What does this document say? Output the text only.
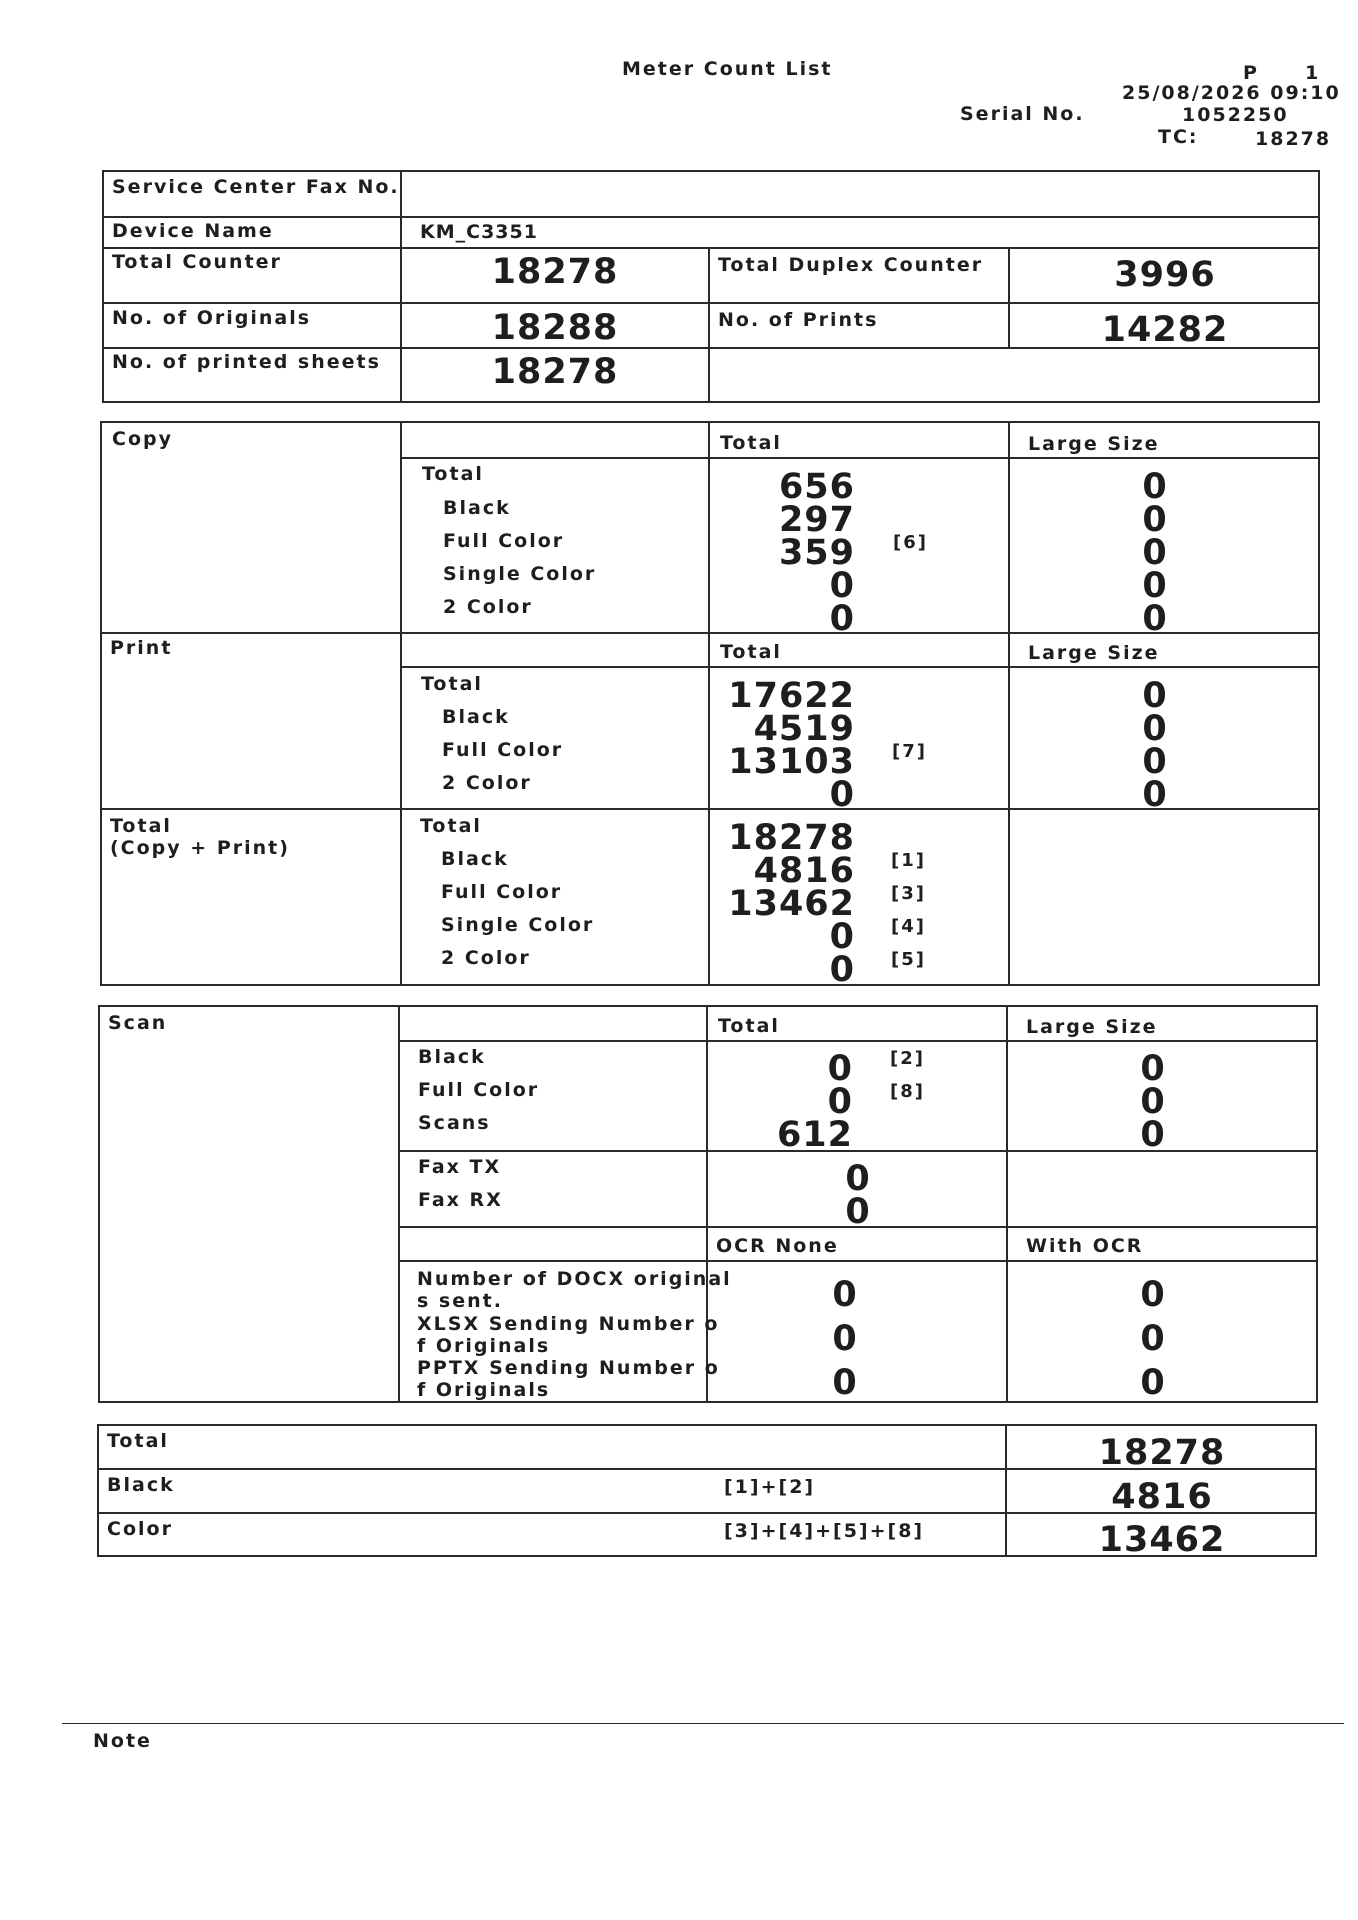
Meter Count List	P 1
25/08/2026 09:10
Serial No.	1052250
TC:	18278
Service Center Fax No.
Device Name	KM_C3351
Total Counter	18278	Total Duplex Counter	3996
No. of Originals	18288	No. of Prints	14282
No. of printed sheets	18278
Copy	Total	Large Size
Total	656	0
Black	297	0
Full Color	359 [6]	0
Single Color	0	0
2 Color	0	0
Print	Total	Large Size
Total	17622	0
Black	4519	0
Full Color	13103 [7]	0
2 Color	0	0
Total
(Copy + Print)
Total	18278
Black	4816 [1]
Full Color	13462 [3]
Single Color	0 [4]
2 Color	0 [5]
Scan	Total	Large Size
Black	0 [2]	0
Full Color	0 [8]	0
Scans	612	0
Fax TX	0
Fax RX	0
OCR None	With OCR
Number of DOCX original
s sent.	0	0
XLSX Sending Number o
f Originals	0	0
PPTX Sending Number o
f Originals	0	0
Total	18278
Black	[1]+[2]	4816
Color	[3]+[4]+[5]+[8]	13462
Note
